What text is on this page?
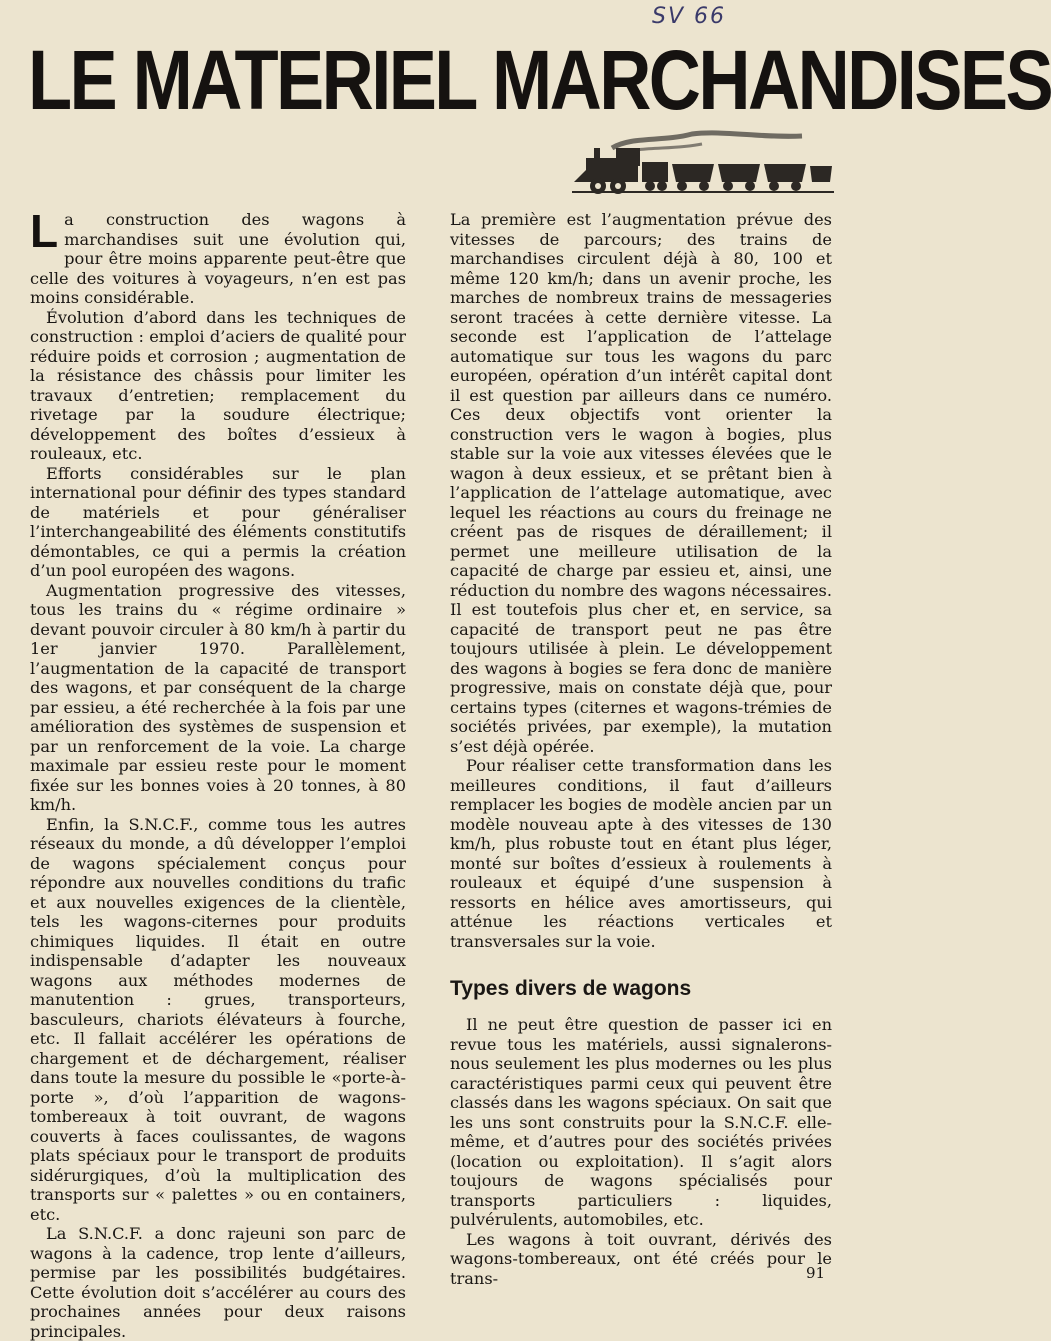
SV 66
LE MATERIEL MARCHANDISES

La construction des wagons à marchandises suit une évolution qui, pour être moins apparente peut-être que celle des voitures à voyageurs, n’en est pas moins considérable.

Évolution d’abord dans les techniques de construction : emploi d’aciers de qualité pour réduire poids et corrosion ; augmentation de la résistance des châssis pour limiter les travaux d’entretien; remplacement du rivetage par la soudure électrique; développement des boîtes d’essieux à rouleaux, etc.

Efforts considérables sur le plan international pour définir des types standard de matériels et pour généraliser l’interchangeabilité des éléments constitutifs démontables, ce qui a permis la création d’un pool européen des wagons.

Augmentation progressive des vitesses, tous les trains du « régime ordinaire » devant pouvoir circuler à 80 km/h à partir du 1er janvier 1970. Parallèlement, l’augmentation de la capacité de transport des wagons, et par conséquent de la charge par essieu, a été recherchée à la fois par une amélioration des systèmes de suspension et par un renforcement de la voie. La charge maximale par essieu reste pour le moment fixée sur les bonnes voies à 20 tonnes, à 80 km/h.

Enfin, la S.N.C.F., comme tous les autres réseaux du monde, a dû développer l’emploi de wagons spécialement conçus pour répondre aux nouvelles conditions du trafic et aux nouvelles exigences de la clientèle, tels les wagons-citernes pour produits chimiques liquides. Il était en outre indispensable d’adapter les nouveaux wagons aux méthodes modernes de manutention : grues, transporteurs, basculeurs, chariots élévateurs à fourche, etc. Il fallait accélérer les opérations de chargement et de déchargement, réaliser dans toute la mesure du possible le «porte-à-porte », d’où l’apparition de wagons-tombereaux à toit ouvrant, de wagons couverts à faces coulissantes, de wagons plats spéciaux pour le transport de produits sidérurgiques, d’où la multiplication des transports sur « palettes » ou en containers, etc.

La S.N.C.F. a donc rajeuni son parc de wagons à la cadence, trop lente d’ailleurs, permise par les possibilités budgétaires. Cette évolution doit s’accélérer au cours des prochaines années pour deux raisons principales.

La première est l’augmentation prévue des vitesses de parcours; des trains de marchandises circulent déjà à 80, 100 et même 120 km/h; dans un avenir proche, les marches de nombreux trains de messageries seront tracées à cette dernière vitesse. La seconde est l’application de l’attelage automatique sur tous les wagons du parc européen, opération d’un intérêt capital dont il est question par ailleurs dans ce numéro. Ces deux objectifs vont orienter la construction vers le wagon à bogies, plus stable sur la voie aux vitesses élevées que le wagon à deux essieux, et se prêtant bien à l’application de l’attelage automatique, avec lequel les réactions au cours du freinage ne créent pas de risques de déraillement; il permet une meilleure utilisation de la capacité de charge par essieu et, ainsi, une réduction du nombre des wagons nécessaires. Il est toutefois plus cher et, en service, sa capacité de transport peut ne pas être toujours utilisée à plein. Le développement des wagons à bogies se fera donc de manière progressive, mais on constate déjà que, pour certains types (citernes et wagons-trémies de sociétés privées, par exemple), la mutation s’est déjà opérée.

Pour réaliser cette transformation dans les meilleures conditions, il faut d’ailleurs remplacer les bogies de modèle ancien par un modèle nouveau apte à des vitesses de 130 km/h, plus robuste tout en étant plus léger, monté sur boîtes d’essieux à roulements à rouleaux et équipé d’une suspension à ressorts en hélice aves amortisseurs, qui atténue les réactions verticales et transversales sur la voie.

Types divers de wagons

Il ne peut être question de passer ici en revue tous les matériels, aussi signalerons-nous seulement les plus modernes ou les plus caractéristiques parmi ceux qui peuvent être classés dans les wagons spéciaux. On sait que les uns sont construits pour la S.N.C.F. elle-même, et d’autres pour des sociétés privées (location ou exploitation). Il s’agit alors toujours de wagons spécialisés pour transports particuliers : liquides, pulvérulents, automobiles, etc.

Les wagons à toit ouvrant, dérivés des wagons-tombereaux, ont été créés pour le trans-	91
